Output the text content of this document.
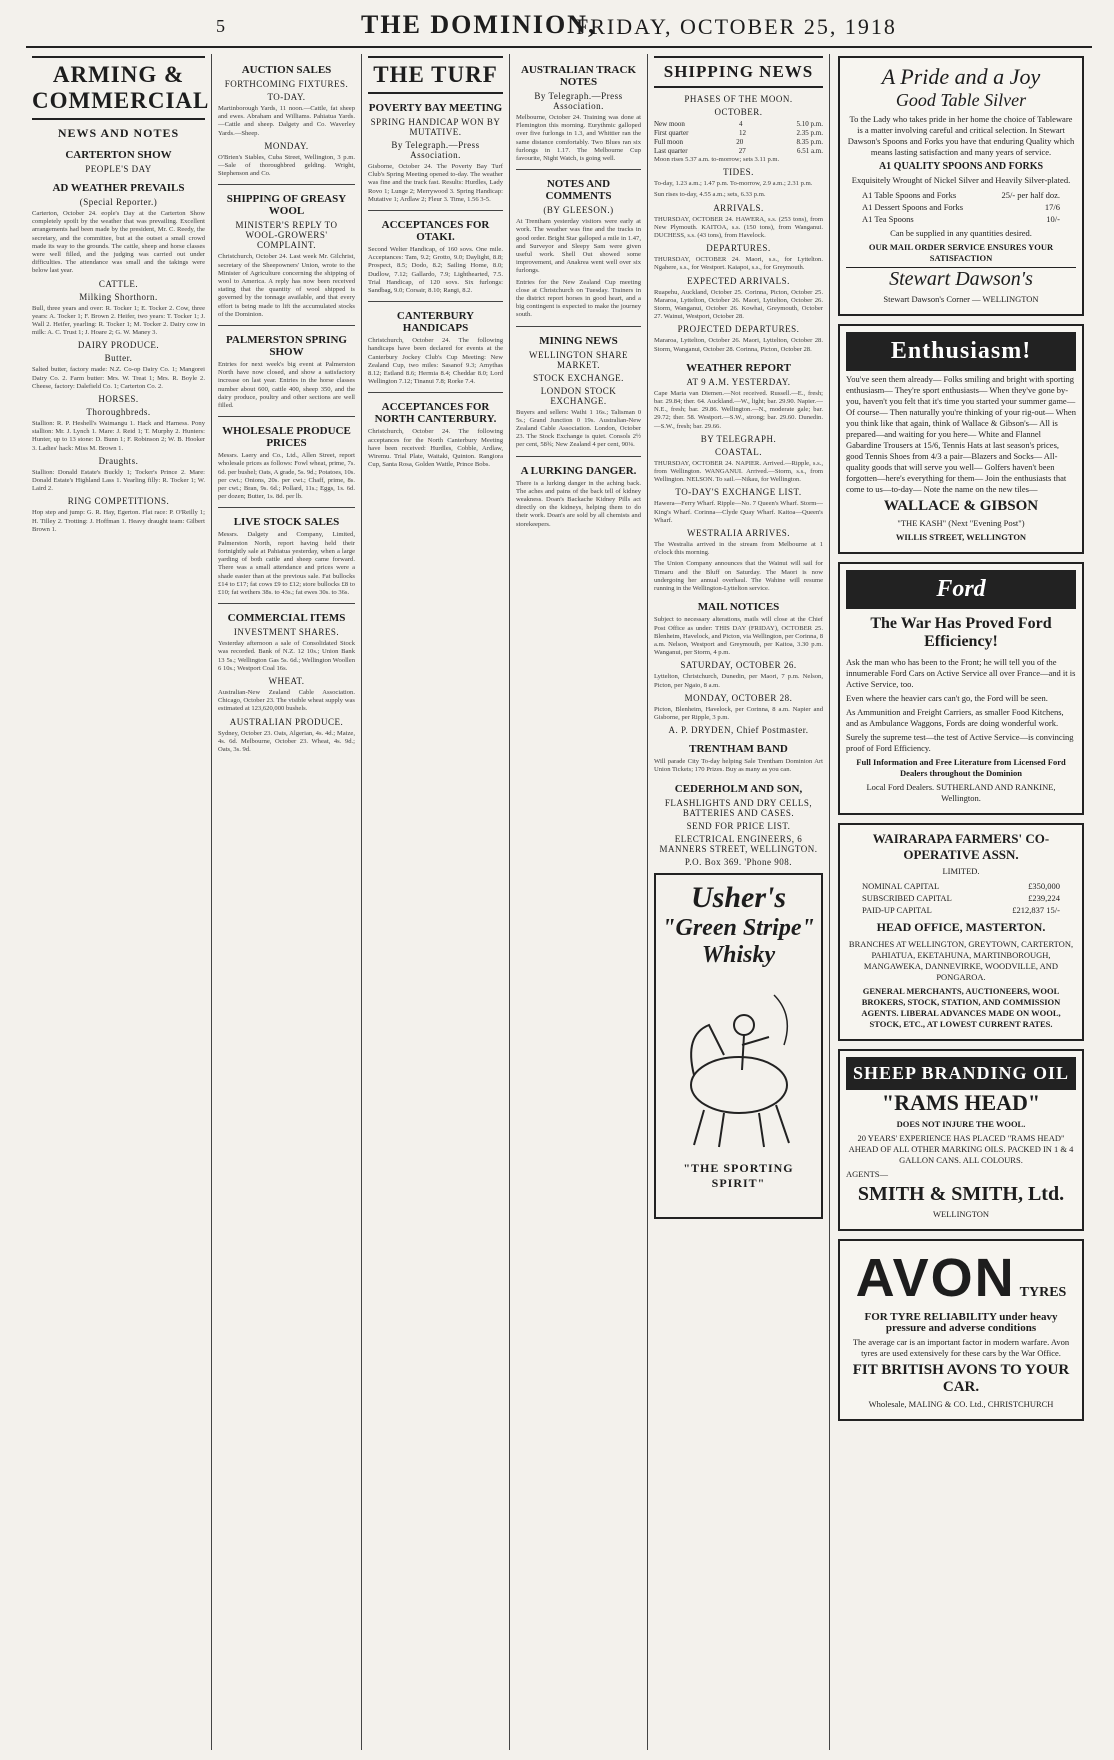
5	THE DOMINION,
FRIDAY, OCTOBER 25, 1918
ARMING & COMMERCIAL
NEWS AND NOTES
CARTERTON SHOW
PEOPLE'S DAY
AD WEATHER PREVAILS
(Special Reporter.)

Carterton, October 24. eople's Day at the Carterton Show completely spoilt by the weather that was prevailing. Excellent arrangements had been made by the president, Mr. C. Reedy, the secretary, and the committee, but at the outset a small crowd made its way to the grounds. The cattle, sheep and horse classes were well filled, and the judging was carried out under difficulties. The attendance was small and the takings were below last year.

CATTLE.
Milking Shorthorn.

Bull, three years and over: R. Tocker 1; E. Tocker 2. Cow, three years: A. Tocker 1; F. Brown 2. Heifer, two years: T. Tocker 1; J. Wall 2. Heifer, yearling: R. Tocker 1; M. Tocker 2. Dairy cow in milk: A. C. Trust 1; J. Hoare 2; G. W. Maney 3.

DAIRY PRODUCE.
Butter.

Salted butter, factory made: N.Z. Co-op Dairy Co. 1; Mangorei Dairy Co. 2. Farm butter: Mrs. W. Treat 1; Mrs. R. Boyle 2. Cheese, factory: Dalefield Co. 1; Carterton Co. 2.

HORSES.
Thoroughbreds.

Stallion: R. P. Heshell's Waimangu 1. Hack and Harness. Pony stallion: Mr. J. Lynch 1. Mare: J. Reid 1; T. Murphy 2. Hunters: Hunter, up to 13 stone: D. Bunn 1; F. Robinson 2; W. B. Hooker 3. Ladies' hack: Miss M. Brown 1.

Draughts.

Stallion: Donald Estate's Buckly 1; Tocker's Prince 2. Mare: Donald Estate's Highland Lass 1. Yearling filly: R. Tocker 1; W. Laird 2.

RING COMPETITIONS.

Hop step and jump: G. R. Hay, Egerton. Flat race: P. O'Reilly 1; H. Tilley 2. Trotting: J. Hoffman 1. Heavy draught team: Gilbert Brown 1.

AUCTION SALES
FORTHCOMING FIXTURES.
TO-DAY.

Martinborough Yards, 11 noon.—Cattle, fat sheep and ewes. Abraham and Williams. Pahiatua Yards.—Cattle and sheep. Dalgety and Co. Waverley Yards.—Sheep.

MONDAY.

O'Brien's Stables, Cuba Street, Wellington, 3 p.m.—Sale of thoroughbred gelding. Wright, Stephenson and Co.

SHIPPING OF GREASY WOOL
MINISTER'S REPLY TO WOOL-GROWERS' COMPLAINT.

Christchurch, October 24. Last week Mr. Gilchrist, secretary of the Sheepowners' Union, wrote to the Minister of Agriculture concerning the shipping of wool to America. A reply has now been received stating that the quantity of wool shipped is governed by the tonnage available, and that every effort is being made to lift the accumulated stocks of the Dominion.

PALMERSTON SPRING SHOW

Entries for next week's big event at Palmerston North have now closed, and show a satisfactory increase on last year. Entries in the horse classes number about 600, cattle 400, sheep 350, and the dairy produce, poultry and other sections are well filled.

WHOLESALE PRODUCE PRICES

Messrs. Laery and Co., Ltd., Allen Street, report wholesale prices as follows: Fowl wheat, prime, 7s. 6d. per bushel; Oats, A grade, 5s. 9d.; Potatoes, 10s. per cwt.; Onions, 20s. per cwt.; Chaff, prime, 8s. per cwt.; Bran, 9s. 6d.; Pollard, 11s.; Eggs, 1s. 6d. per dozen; Butter, 1s. 8d. per lb.

LIVE STOCK SALES

Messrs. Dalgety and Company, Limited, Palmerston North, report having held their fortnightly sale at Pahiatua yesterday, when a large yarding of both cattle and sheep came forward. There was a small attendance and prices were a shade easier than at the previous sale. Fat bullocks £14 to £17; fat cows £9 to £12; store bullocks £8 to £10; fat wethers 38s. to 43s.; fat ewes 30s. to 36s.

COMMERCIAL ITEMS
INVESTMENT SHARES.

Yesterday afternoon a sale of Consolidated Stock was recorded. Bank of N.Z. 12 10s.; Union Bank 13 5s.; Wellington Gas 5s. 6d.; Wellington Woollen 6 10s.; Westport Coal 16s.

WHEAT.

Australian-New Zealand Cable Association. Chicago, October 23. The visible wheat supply was estimated at 123,620,000 bushels.

AUSTRALIAN PRODUCE.

Sydney, October 23. Oats, Algerian, 4s. 4d.; Maize, 4s. 6d. Melbourne, October 23. Wheat, 4s. 9d.; Oats, 3s. 9d.

THE TURF
POVERTY BAY MEETING
SPRING HANDICAP WON BY MUTATIVE.
By Telegraph.—Press Association.

Gisborne, October 24. The Poverty Bay Turf Club's Spring Meeting opened to-day. The weather was fine and the track fast. Results: Hurdles, Lady Rovo 1; Lunge 2; Merrywood 3. Spring Handicap: Mutative 1; Ardlaw 2; Fleur 3. Time, 1.56 3-5.

ACCEPTANCES FOR OTAKI.

Second Welter Handicap, of 160 sovs. One mile. Acceptances: Tam, 9.2; Grotto, 9.0; Daylight, 8.8; Prospect, 8.5; Dodo, 8.2; Sailing Home, 8.0; Dudlow, 7.12; Gallardo, 7.9; Lighthearted, 7.5. Trial Handicap, of 120 sovs. Six furlongs: Sandbag, 9.0; Corsair, 8.10; Rangi, 8.2.

CANTERBURY HANDICAPS

Christchurch, October 24. The following handicaps have been declared for events at the Canterbury Jockey Club's Cup Meeting: New Zealand Cup, two miles: Sasanof 9.3; Amythas 8.12; Estland 8.6; Hermia 8.4; Cheddar 8.0; Lord Wellington 7.12; Tinanui 7.8; Rorke 7.4.

ACCEPTANCES FOR NORTH CANTERBURY.

Christchurch, October 24. The following acceptances for the North Canterbury Meeting have been received: Hurdles, Cobble, Ardlaw, Wiremu. Trial Plate, Waitaki, Quinton. Rangiora Cup, Santa Rosa, Golden Wattle, Prince Bobs.

AUSTRALIAN TRACK NOTES
By Telegraph.—Press Association.

Melbourne, October 24. Training was done at Flemington this morning. Eurythmic galloped over five furlongs in 1.3, and Whittier ran the same distance comfortably. Two Blues ran six furlongs in 1.17. The Melbourne Cup favourite, Night Watch, is going well.

NOTES AND COMMENTS
(BY GLEESON.)

At Trentham yesterday visitors were early at work. The weather was fine and the tracks in good order. Bright Star galloped a mile in 1.47, and Surveyor and Sleepy Sam were given useful work. Shell Out showed some improvement, and Anakrea went well over six furlongs.

Entries for the New Zealand Cup meeting close at Christchurch on Tuesday. Trainers in the district report horses in good heart, and a big contingent is expected to make the journey south.

MINING NEWS
WELLINGTON SHARE MARKET.
STOCK EXCHANGE.
LONDON STOCK EXCHANGE.

Buyers and sellers: Waihi 1 16s.; Talisman 0 5s.; Grand Junction 0 19s. Australian-New Zealand Cable Association. London, October 23. The Stock Exchange is quiet. Consols 2½ per cent, 58¾; New Zealand 4 per cent, 90⅛.

A LURKING DANGER.

There is a lurking danger in the aching back. The aches and pains of the back tell of kidney weakness. Doan's Backache Kidney Pills act directly on the kidneys, helping them to do their work. Doan's are sold by all chemists and storekeepers.

SHIPPING NEWS
PHASES OF THE MOON.
OCTOBER.
New moon	4	5.10 p.m.
First quarter	12	2.35 p.m.
Full moon	20	8.35 p.m.
Last quarter	27	6.51 a.m.

Moon rises 5.37 a.m. to-morrow; sets 3.11 p.m.

TIDES.

To-day, 1.23 a.m.; 1.47 p.m. To-morrow, 2.9 a.m.; 2.31 p.m.

Sun rises to-day, 4.55 a.m.; sets, 6.33 p.m.

ARRIVALS.

THURSDAY, OCTOBER 24. HAWERA, s.s. (253 tons), from New Plymouth. KAITOA, s.s. (150 tons), from Wanganui. DUCHESS, s.s. (43 tons), from Havelock.

DEPARTURES.

THURSDAY, OCTOBER 24. Maori, s.s., for Lyttelton. Ngahere, s.s., for Westport. Kaiapoi, s.s., for Greymouth.

EXPECTED ARRIVALS.

Ruapehu, Auckland, October 25. Corinna, Picton, October 25. Mararoa, Lyttelton, October 26. Maori, Lyttelton, October 26. Storm, Wanganui, October 26. Kowhai, Greymouth, October 27. Wainui, Westport, October 28.

PROJECTED DEPARTURES.

Mararoa, Lyttelton, October 26. Maori, Lyttelton, October 28. Storm, Wanganui, October 28. Corinna, Picton, October 28.

WEATHER REPORT
AT 9 A.M. YESTERDAY.

Cape Maria van Diemen.—Not received. Russell.—E., fresh; bar. 29.84; ther. 64. Auckland.—W., light; bar. 29.90. Napier.—N.E., fresh; bar. 29.86. Wellington.—N., moderate gale; bar. 29.72; ther. 58. Westport.—S.W., strong; bar. 29.60. Dunedin.—S.W., fresh; bar. 29.66.

BY TELEGRAPH.
COASTAL.

THURSDAY, OCTOBER 24. NAPIER. Arrived.—Ripple, s.s., from Wellington. WANGANUI. Arrived.—Storm, s.s., from Wellington. NELSON. To sail.—Nikau, for Wellington.

TO-DAY'S EXCHANGE LIST.

Hawera—Ferry Wharf. Ripple—No. 7 Queen's Wharf. Storm—King's Wharf. Corinna—Clyde Quay Wharf. Kaitoa—Queen's Wharf.

WESTRALIA ARRIVES.

The Westralia arrived in the stream from Melbourne at 1 o'clock this morning.

The Union Company announces that the Wainui will sail for Timaru and the Bluff on Saturday. The Maori is now undergoing her annual overhaul. The Wahine will resume running in the Wellington-Lyttelton service.

MAIL NOTICES

Subject to necessary alterations, mails will close at the Chief Post Office as under: THIS DAY (FRIDAY), OCTOBER 25. Blenheim, Havelock, and Picton, via Wellington, per Corinna, 8 a.m. Nelson, Westport and Greymouth, per Kaitoa, 3.30 p.m. Wanganui, per Storm, 4 p.m.

SATURDAY, OCTOBER 26.

Lyttelton, Christchurch, Dunedin, per Maori, 7 p.m. Nelson, Picton, per Ngaio, 8 a.m.

MONDAY, OCTOBER 28.

Picton, Blenheim, Havelock, per Corinna, 8 a.m. Napier and Gisborne, per Ripple, 3 p.m.

A. P. DRYDEN, Chief Postmaster.
TRENTHAM BAND

Will parade City To-day helping Sale Trentham Dominion Art Union Tickets; 170 Prizes. Buy as many as you can.

CEDERHOLM AND SON,
FLASHLIGHTS AND DRY CELLS, BATTERIES AND CASES.
SEND FOR PRICE LIST.
ELECTRICAL ENGINEERS, 6 MANNERS STREET, WELLINGTON.
P.O. Box 369. 'Phone 908.
Usher's
"Green Stripe"
Whisky
"THE SPORTING SPIRIT"
A Pride and a Joy
Good Table Silver
To the Lady who takes pride in her home the choice of Tableware is a matter involving careful and critical selection. In Stewart Dawson's Spoons and Forks you have that enduring Quality which means lasting satisfaction and many years of service.
A1 QUALITY SPOONS AND FORKS
Exquisitely Wrought of Nickel Silver and Heavily Silver-plated.
A1 Table Spoons and Forks	25/- per half doz.
A1 Dessert Spoons and Forks	17/6
A1 Tea Spoons	10/-
Can be supplied in any quantities desired.
OUR MAIL ORDER SERVICE ENSURES YOUR SATISFACTION
Stewart Dawson's
Stewart Dawson's Corner — WELLINGTON
Enthusiasm!
You've seen them already— Folks smiling and bright with sporting enthusiasm— They're sport enthusiasts— When they've gone by-you, haven't you felt that it's time you started your summer game— Of course— Then naturally you're thinking of your rig-out— When you think like that again, think of Wallace & Gibson's— All is prepared—and waiting for you here— White and Flannel Gabardine Trousers at 15/6, Tennis Hats at last season's prices, good Tennis Shoes from 4/3 a pair—Blazers and Socks— All-quality goods that will serve you well— Golfers haven't been forgotten—here's everything for them— Join the enthusiasts that come to us—to-day— Note the name on the new tiles—
WALLACE & GIBSON
"THE KASH" (Next "Evening Post")
WILLIS STREET, WELLINGTON
Ford
The War Has Proved Ford Efficiency!
Ask the man who has been to the Front; he will tell you of the innumerable Ford Cars on Active Service all over France—and it is Active Service, too.
Even where the heavier cars can't go, the Ford will be seen.
As Ammunition and Freight Carriers, as smaller Food Kitchens, and as Ambulance Waggons, Fords are doing wonderful work.
Surely the supreme test—the test of Active Service—is convincing proof of Ford Efficiency.
Full Information and Free Literature from Licensed Ford Dealers throughout the Dominion
Local Ford Dealers. SUTHERLAND AND RANKINE, Wellington.
WAIRARAPA FARMERS' CO-OPERATIVE ASSN.
LIMITED.
NOMINAL CAPITAL	£350,000
SUBSCRIBED CAPITAL	£239,224
PAID-UP CAPITAL	£212,837 15/-
HEAD OFFICE, MASTERTON.
BRANCHES AT WELLINGTON, GREYTOWN, CARTERTON, PAHIATUA, EKETAHUNA, MARTINBOROUGH, MANGAWEKA, DANNEVIRKE, WOODVILLE, AND PONGAROA.
GENERAL MERCHANTS, AUCTIONEERS, WOOL BROKERS, STOCK, STATION, AND COMMISSION AGENTS. LIBERAL ADVANCES MADE ON WOOL, STOCK, ETC., AT LOWEST CURRENT RATES.
SHEEP BRANDING OIL
"RAMS HEAD"
DOES NOT INJURE THE WOOL.
20 YEARS' EXPERIENCE HAS PLACED "RAMS HEAD" AHEAD OF ALL OTHER MARKING OILS. PACKED IN 1 & 4 GALLON CANS. ALL COLOURS.
AGENTS—
SMITH & SMITH, Ltd.
WELLINGTON
AVON TYRES
FOR TYRE RELIABILITY under heavy pressure and adverse conditions
The average car is an important factor in modern warfare. Avon tyres are used extensively for these cars by the War Office.
FIT BRITISH AVONS TO YOUR CAR.
Wholesale, MALING & CO. Ltd., CHRISTCHURCH
